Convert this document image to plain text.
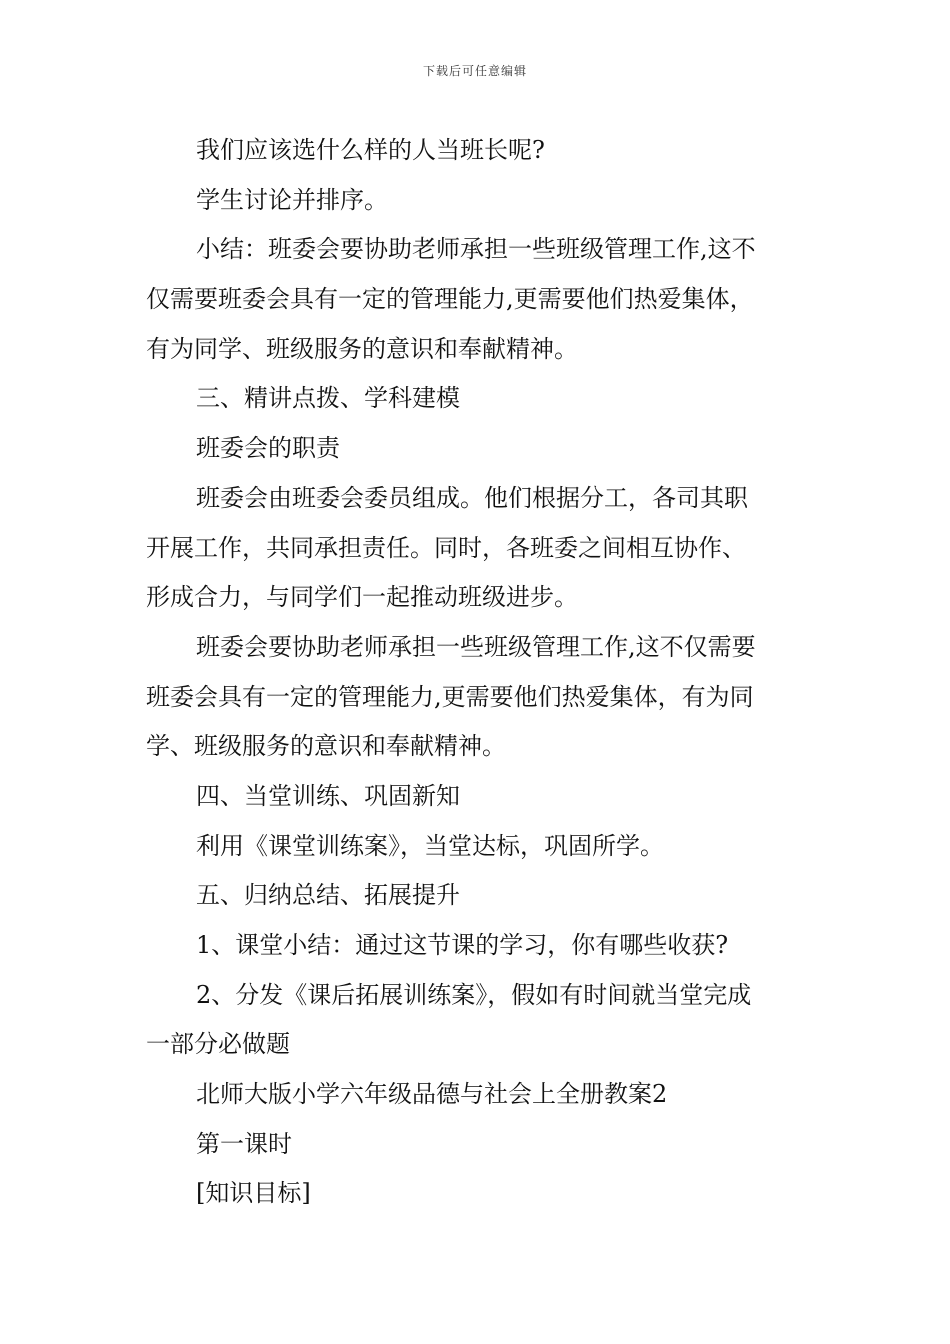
下载后可任意编辑
我们应该选什么样的人当班长呢?
学生讨论并排序。
小结：班委会要协助老师承担一些班级管理工作,这不
仅需要班委会具有一定的管理能力,更需要他们热爱集体，
有为同学、班级服务的意识和奉献精神。
三、精讲点拨、学科建模
班委会的职责
班委会由班委会委员组成。他们根据分工，各司其职
开展工作，共同承担责任。同时，各班委之间相互协作、
形成合力，与同学们一起推动班级进步。
班委会要协助老师承担一些班级管理工作,这不仅需要
班委会具有一定的管理能力,更需要他们热爱集体，有为同
学、班级服务的意识和奉献精神。
四、当堂训练、巩固新知
利用《课堂训练案》，当堂达标，巩固所学。
五、归纳总结、拓展提升
1、课堂小结：通过这节课的学习，你有哪些收获?
2、分发《课后拓展训练案》，假如有时间就当堂完成
一部分必做题
北师大版小学六年级品德与社会上全册教案2
第一课时
[知识目标]
